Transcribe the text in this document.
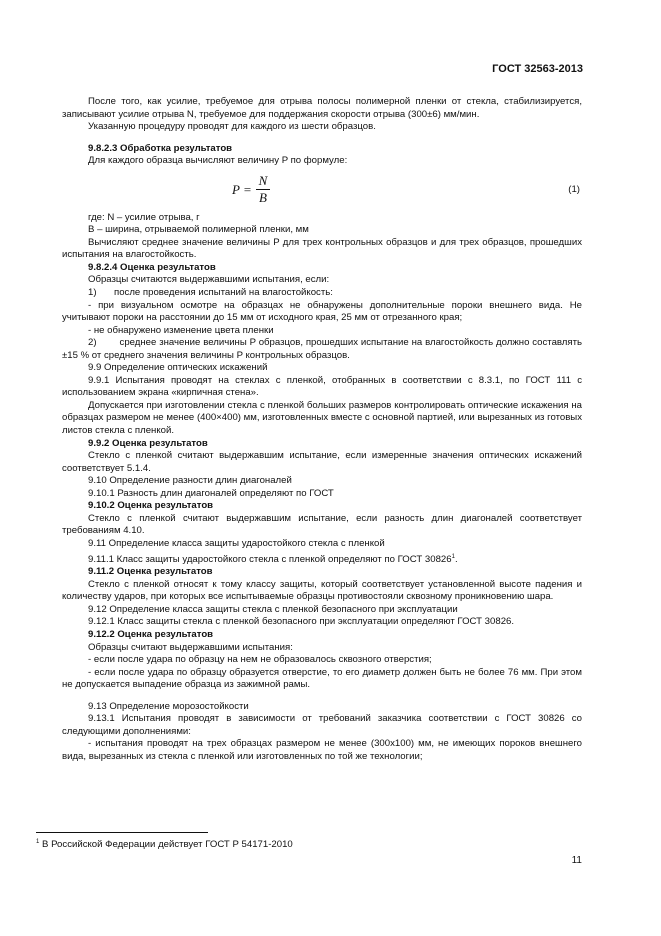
ГОСТ 32563-2013

После того, как усилие, требуемое для отрыва полосы полимерной пленки от стекла, стабилизируется, записывают усилие отрыва N, требуемое для поддержания скорости отрыва (300±6) мм/мин.

Указанную процедуру проводят для каждого из шести образцов.

9.8.2.3 Обработка результатов

Для каждого образца вычисляют величину P по формуле:

P =
N
B
(1)

где: N – усилие отрыва, г

B – ширина, отрываемой полимерной пленки, мм

Вычисляют среднее значение величины P для трех контрольных образцов и для трех образцов, прошедших испытания на влагостойкость.

9.8.2.4 Оценка результатов

Образцы считаются выдержавшими испытания, если:

1)	после проведения испытаний на влагостойкость:

- при визуальном осмотре на образцах не обнаружены дополнительные пороки внешнего вида. Не учитывают пороки на расстоянии до 15 мм от исходного края, 25 мм от отрезанного края;

- не обнаружено изменение цвета пленки

2) среднее значение величины P образцов, прошедших испытание на влагостойкость должно составлять ±15 % от среднего значения величины P контрольных образцов.

9.9 Определение оптических искажений

9.9.1 Испытания проводят на стеклах с пленкой, отобранных в соответствии с 8.3.1, по ГОСТ 111 с использованием экрана «кирпичная стена».

Допускается при изготовлении стекла с пленкой больших размеров контролировать оптические искажения на образцах размером не менее (400×400) мм, изготовленных вместе с основной партией, или вырезанных из готовых листов стекла с пленкой.

9.9.2 Оценка результатов

Стекло с пленкой считают выдержавшим испытание, если измеренные значения оптических искажений соответствует 5.1.4.

9.10 Определение разности длин диагоналей

9.10.1 Разность длин диагоналей определяют по ГОСТ

9.10.2 Оценка результатов

Стекло с пленкой считают выдержавшим испытание, если разность длин диагоналей соответствует требованиям 4.10.

9.11 Определение класса защиты ударостойкого стекла с пленкой

9.11.1 Класс защиты ударостойкого стекла с пленкой определяют по ГОСТ 30826$^1$.

9.11.2 Оценка результатов

Стекло с пленкой относят к тому классу защиты, который соответствует установленной высоте падения и количеству ударов, при которых все испытываемые образцы противостояли сквозному проникновению шара.

9.12 Определение класса защиты стекла с пленкой безопасного при эксплуатации

9.12.1 Класс защиты стекла с пленкой безопасного при эксплуатации определяют ГОСТ 30826.

9.12.2 Оценка результатов

Образцы считают выдержавшими испытания:

- если после удара по образцу на нем не образовалось сквозного отверстия;

- если после удара по образцу образуется отверстие, то его диаметр должен быть не более 76 мм. При этом не допускается выпадение образца из зажимной рамы.

9.13 Определение морозостойкости

9.13.1 Испытания проводят в зависимости от требований заказчика соответствии с ГОСТ 30826 со следующими дополнениями:

- испытания проводят на трех образцах размером не менее (300x100) мм, не имеющих пороков внешнего вида, вырезанных из стекла с пленкой или изготовленных по той же технологии;

$^1$ В Российской Федерации действует ГОСТ Р 54171-2010
11
